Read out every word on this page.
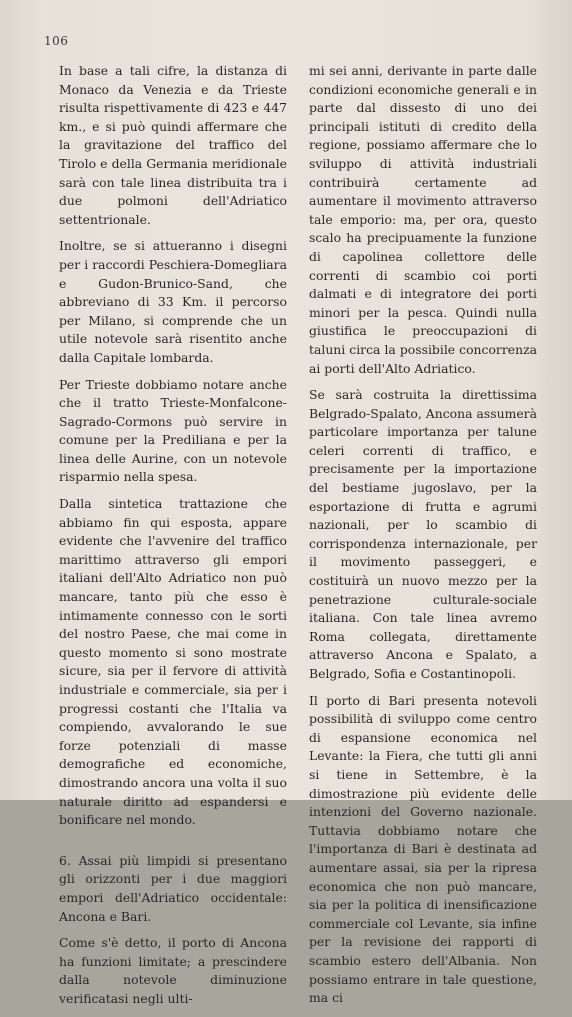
106

In base a tali cifre, la distanza di Monaco da Venezia e da Trieste risulta rispettivamente di 423 e 447 km., e si può quindi affermare che la gravitazione del traffico del Tirolo e della Germania meridionale sarà con tale linea distribuita tra i due polmoni dell'Adriatico settentrionale.

Inoltre, se si attueranno i disegni per i raccordi Peschiera-Domegliara e Gudon-Brunico-Sand, che abbreviano di 33 Km. il percorso per Milano, si comprende che un utile notevole sarà risentito anche dalla Capitale lombarda.

Per Trieste dobbiamo notare anche che il tratto Trieste-Monfalcone-Sagrado-Cormons può servire in comune per la Prediliana e per la linea delle Aurine, con un notevole risparmio nella spesa.

Dalla sintetica trattazione che abbiamo fin qui esposta, appare evidente che l'avvenire del traffico marittimo attraverso gli empori italiani dell'Alto Adriatico non può mancare, tanto più che esso è intimamente connesso con le sorti del nostro Paese, che mai come in questo momento si sono mostrate sicure, sia per il fervore di attività industriale e commerciale, sia per i progressi costanti che l'Italia va compiendo, avvalorando le sue forze potenziali di masse demografiche ed economiche, dimostrando ancora una volta il suo naturale diritto ad espandersi e bonificare nel mondo.

6. Assai più limpidi si presentano gli orizzonti per i due maggiori empori dell'Adriatico occidentale: Ancona e Bari.

Come s'è detto, il porto di Ancona ha funzioni limitate; a prescindere dalla notevole diminuzione verificatasi negli ulti-

mi sei anni, derivante in parte dalle condizioni economiche generali e in parte dal dissesto di uno dei principali istituti di credito della regione, possiamo affermare che lo sviluppo di attività industriali contribuirà certamente ad aumentare il movimento attraverso tale emporio: ma, per ora, questo scalo ha precipuamente la funzione di capolinea collettore delle correnti di scambio coi porti dalmati e di integratore dei porti minori per la pesca. Quindi nulla giustifica le preoccupazioni di taluni circa la possibile concorrenza ai porti dell'Alto Adriatico.

Se sarà costruita la direttissima Belgrado-Spalato, Ancona assumerà particolare importanza per talune celeri correnti di traffico, e precisamente per la importazione del bestiame jugoslavo, per la esportazione di frutta e agrumi nazionali, per lo scambio di corrispondenza internazionale, per il movimento passeggeri, e costituirà un nuovo mezzo per la penetrazione culturale-sociale italiana. Con tale linea avremo Roma collegata, direttamente attraverso Ancona e Spalato, a Belgrado, Sofia e Costantinopoli.

Il porto di Bari presenta notevoli possibilità di sviluppo come centro di espansione economica nel Levante: la Fiera, che tutti gli anni si tiene in Settembre, è la dimostrazione più evidente delle intenzioni del Governo nazionale. Tuttavia dobbiamo notare che l'importanza di Bari è destinata ad aumentare assai, sia per la ripresa economica che non può mancare, sia per la politica di inensificazione commerciale col Levante, sia infine per la revisione dei rapporti di scambio estero dell'Albania. Non possiamo entrare in tale questione, ma ci
